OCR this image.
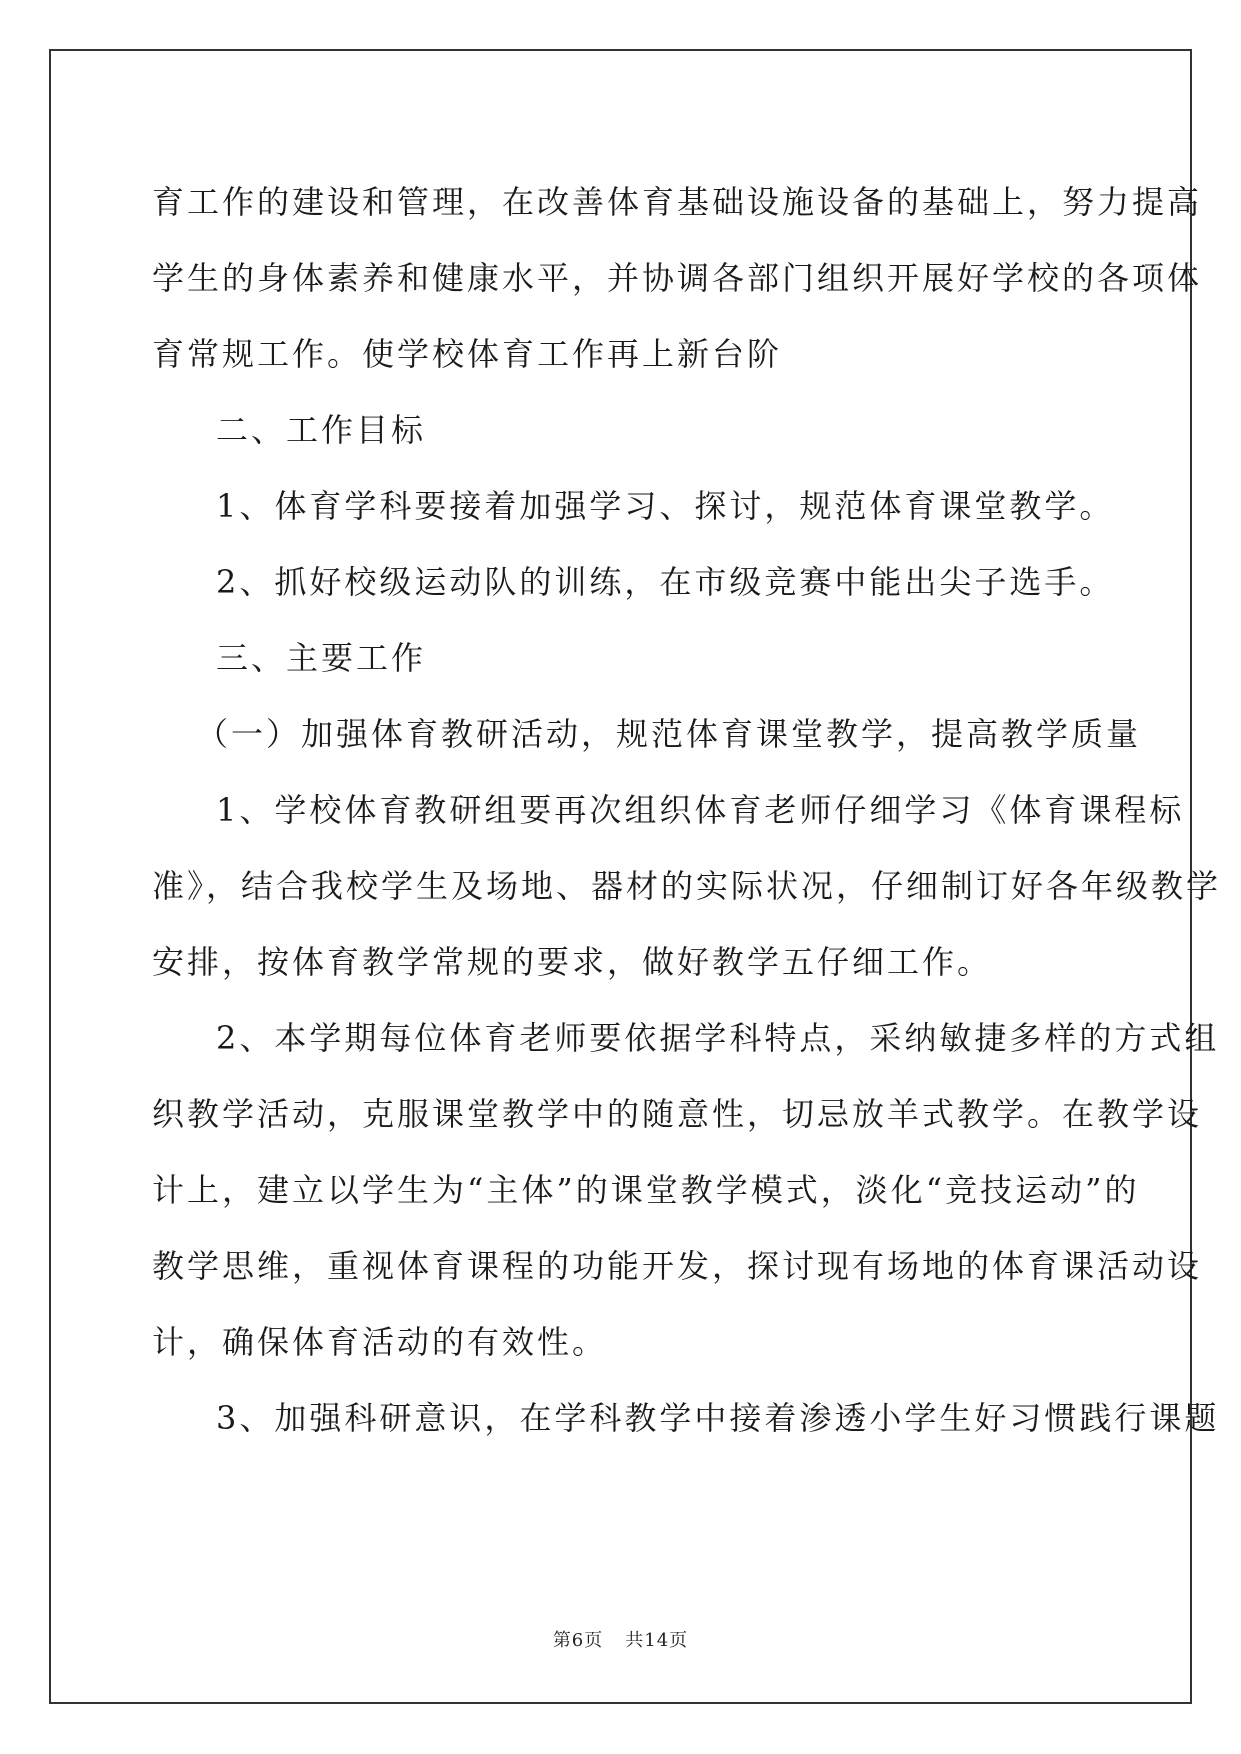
育工作的建设和管理，在改善体育基础设施设备的基础上，努力提高
学生的身体素养和健康水平，并协调各部门组织开展好学校的各项体
育常规工作。使学校体育工作再上新台阶
二、工作目标
1、体育学科要接着加强学习、探讨，规范体育课堂教学。
2、抓好校级运动队的训练，在市级竞赛中能出尖子选手。
三、主要工作
（一）加强体育教研活动，规范体育课堂教学，提高教学质量
1、学校体育教研组要再次组织体育老师仔细学习《体育课程标
准》，结合我校学生及场地、器材的实际状况，仔细制订好各年级教学
安排，按体育教学常规的要求，做好教学五仔细工作。
2、本学期每位体育老师要依据学科特点，采纳敏捷多样的方式组
织教学活动，克服课堂教学中的随意性，切忌放羊式教学。在教学设
计上，建立以学生为“主体”的课堂教学模式，淡化“竞技运动”的
教学思维，重视体育课程的功能开发，探讨现有场地的体育课活动设
计，确保体育活动的有效性。
3、加强科研意识，在学科教学中接着渗透小学生好习惯践行课题
第6页 共14页
